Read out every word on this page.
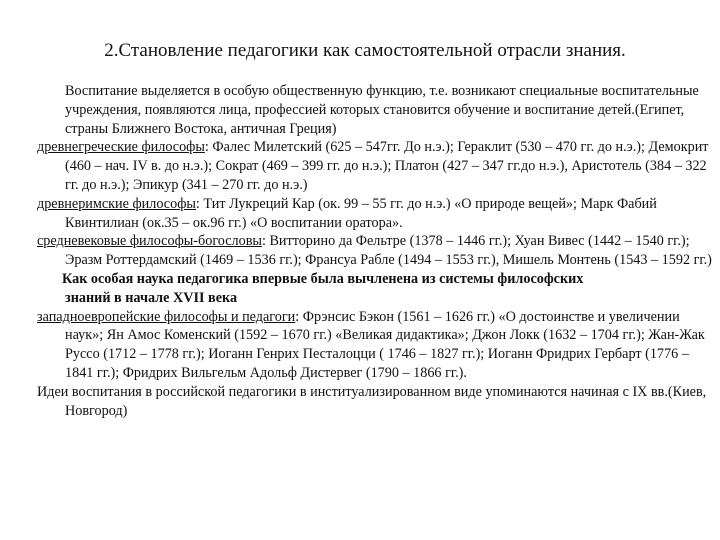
2.Становление педагогики как самостоятельной отрасли знания.

Воспитание выделяется в особую общественную функцию, т.е. возникают специальные воспитательные учреждения, появляются лица, профессией которых становится обучение и воспитание детей.(Египет, страны Ближнего Востока, античная Греция)

древнегреческие философы: Фалес Милетский (625 – 547гг. До н.э.); Гераклит (530 – 470 гг. до н.э.); Демокрит (460 – нач. IV в. до н.э.); Сократ (469 – 399 гг. до н.э.); Платон (427 – 347 гг.до н.э.), Аристотель (384 – 322 гг. до н.э.); Эпикур (341 – 270 гг. до н.э.)

древнеримские философы: Тит Лукреций Кар (ок. 99 – 55 гг. до н.э.) «О природе вещей»; Марк Фабий Квинтилиан (ок.35 – ок.96 гг.) «О воспитании оратора».

средневековые философы-богословы: Витторино да Фельтре (1378 – 1446 гг.); Хуан Вивес (1442 – 1540 гг.); Эразм Роттердамский (1469 – 1536 гг.); Франсуа Рабле (1494 – 1553 гг.), Мишель Монтень (1543 – 1592 гг.)

Как особая наука педагогика впервые была вычленена из системы философских
знаний в начале XVII века

западноевропейские философы и педагоги: Фрэнсис Бэкон (1561 – 1626 гг.) «О достоинстве и увеличении наук»; Ян Амос Коменский (1592 – 1670 гг.) «Великая дидактика»; Джон Локк (1632 – 1704 гг.); Жан-Жак Руссо (1712 – 1778 гг.); Иоганн Генрих Песталоцци ( 1746 – 1827 гг.); Иоганн Фридрих Гербарт (1776 – 1841 гг.); Фридрих Вильгельм Адольф Дистервег (1790 – 1866 гг.).

Идеи воспитания в российской педагогики в институализированном виде упоминаются начиная с IX вв.(Киев, Новгород)
